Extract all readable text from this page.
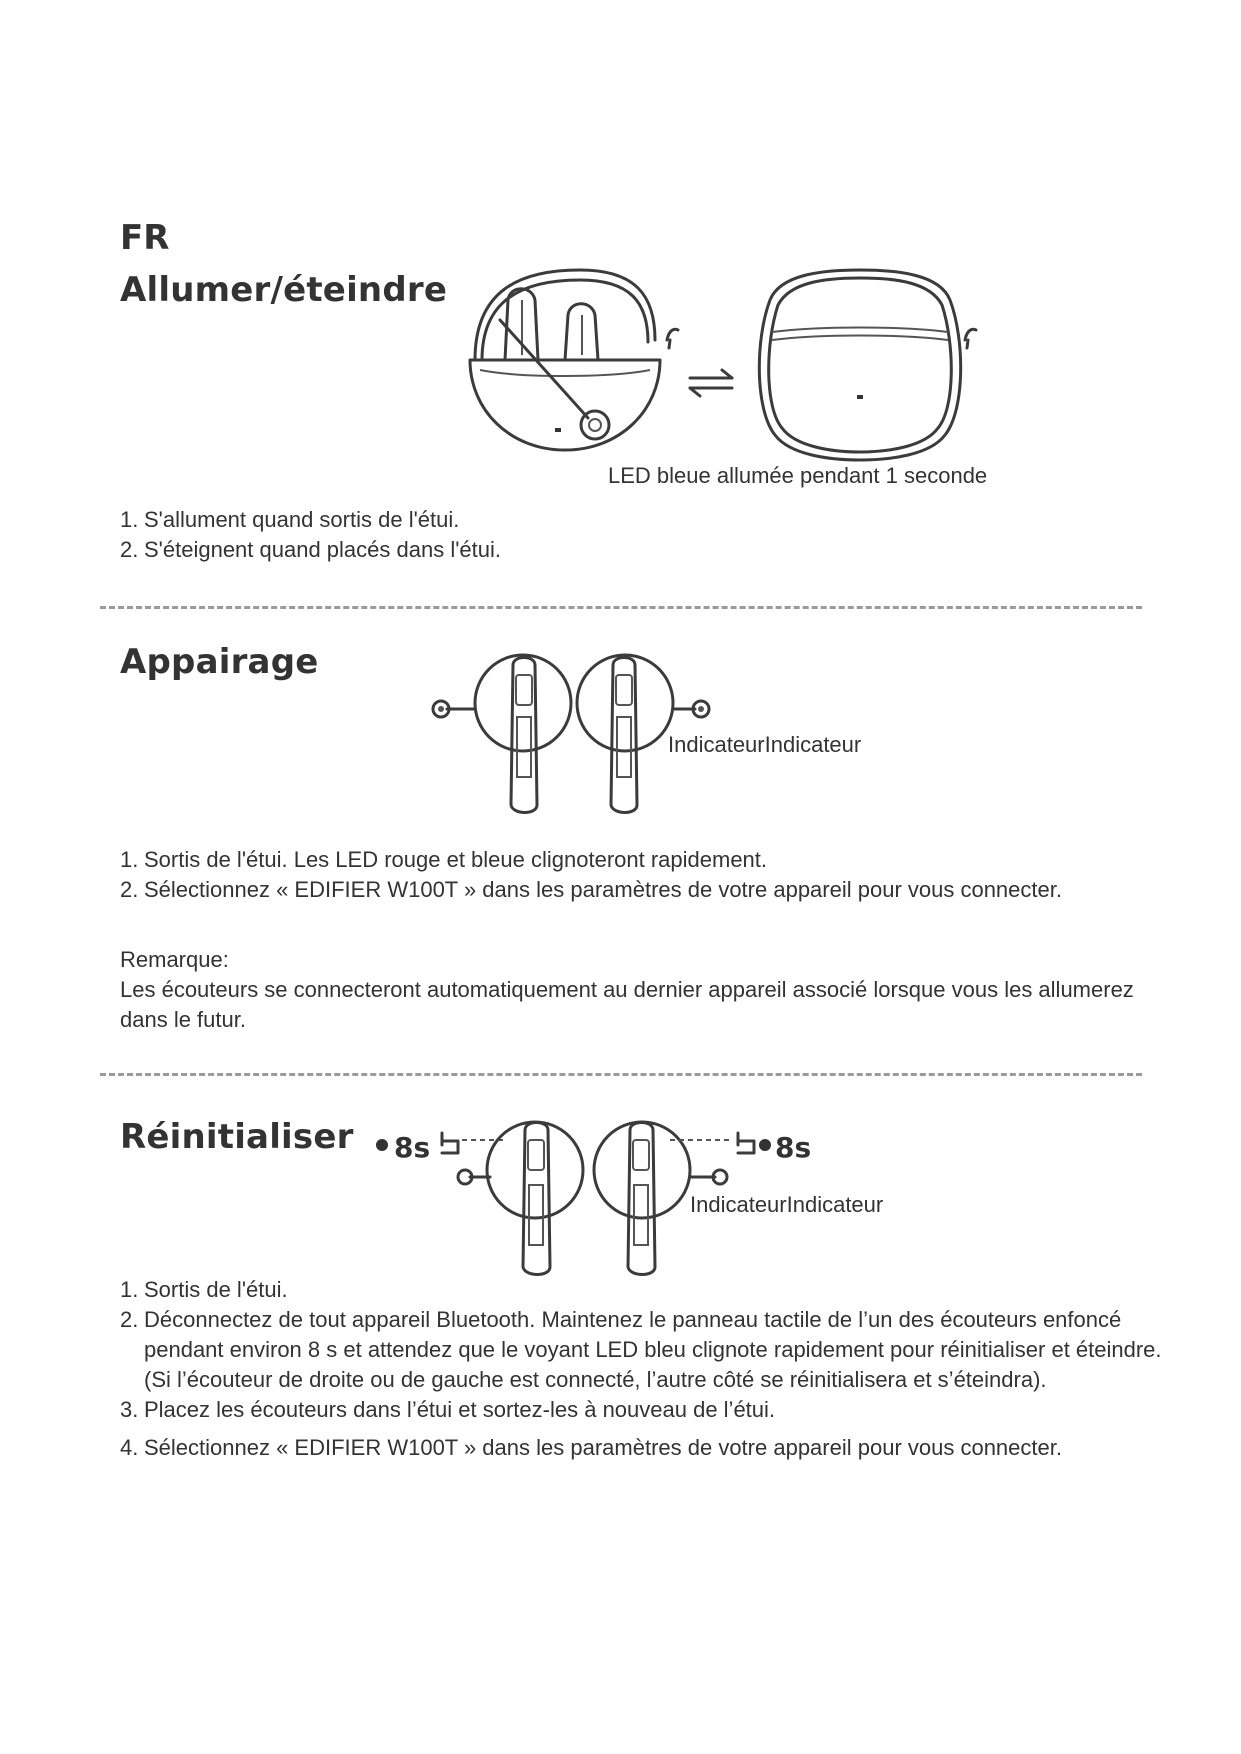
FR
Allumer/éteindre
LED bleue allumée pendant 1 seconde
1. S'allument quand sortis de l'étui.
2. S'éteignent quand placés dans l'étui.
Appairage
IndicateurIndicateur
1. Sortis de l'étui. Les LED rouge et bleue clignoteront rapidement.
2. Sélectionnez « EDIFIER W100T » dans les paramètres de votre appareil pour vous connecter.
Remarque:
Les écouteurs se connecteront automatiquement au dernier appareil associé lorsque vous les allumerez
dans le futur.
Réinitialiser 8s	8s
IndicateurIndicateur
1. Sortis de l'étui.
2. Déconnectez de tout appareil Bluetooth. Maintenez le panneau tactile de l’un des écouteurs enfoncé
pendant environ 8 s et attendez que le voyant LED bleu clignote rapidement pour réinitialiser et éteindre.
(Si l’écouteur de droite ou de gauche est connecté, l’autre côté se réinitialisera et s’éteindra).
3. Placez les écouteurs dans l’étui et sortez-les à nouveau de l’étui.
4. Sélectionnez « EDIFIER W100T » dans les paramètres de votre appareil pour vous connecter.
